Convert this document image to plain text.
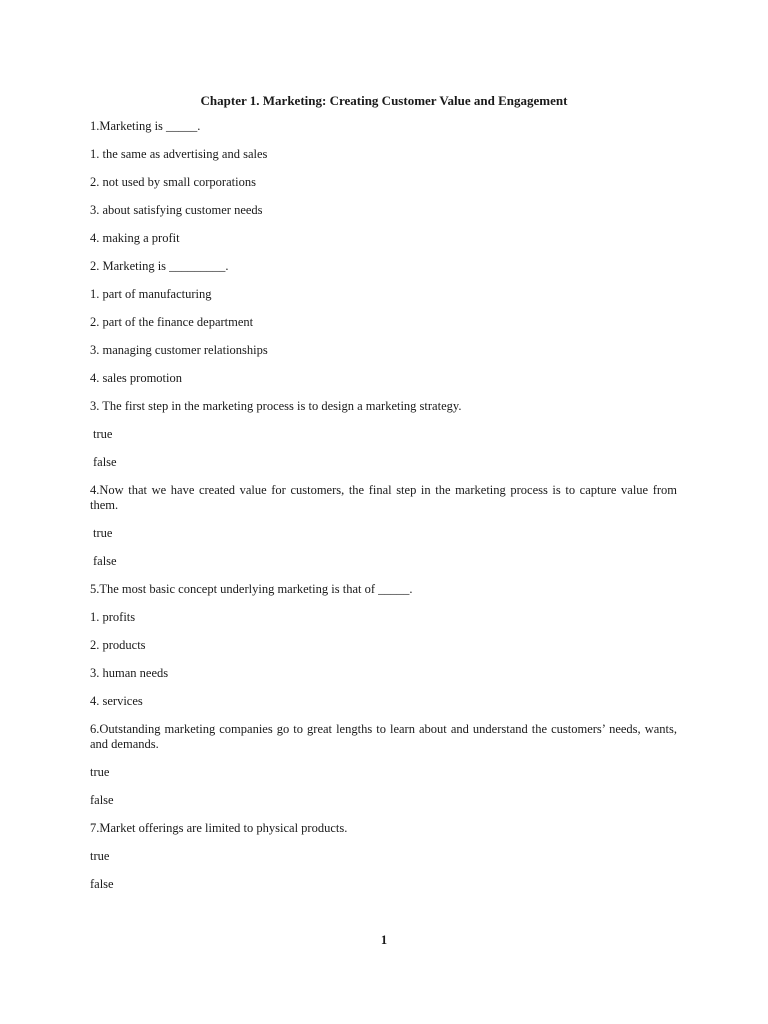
Chapter 1. Marketing: Creating Customer Value and Engagement

1.Marketing is _____.

1. the same as advertising and sales

2. not used by small corporations

3. about satisfying customer needs

4. making a profit

2. Marketing is _________.

1. part of manufacturing

2. part of the finance department

3. managing customer relationships

4. sales promotion

3. The first step in the marketing process is to design a marketing strategy.

true

false

4.Now that we have created value for customers, the final step in the marketing process is to capture value from them.

true

false

5.The most basic concept underlying marketing is that of _____.

1. profits

2. products

3. human needs

4. services

6.Outstanding marketing companies go to great lengths to learn about and understand the customers’ needs, wants, and demands.

true

false

7.Market offerings are limited to physical products.

true

false

1
